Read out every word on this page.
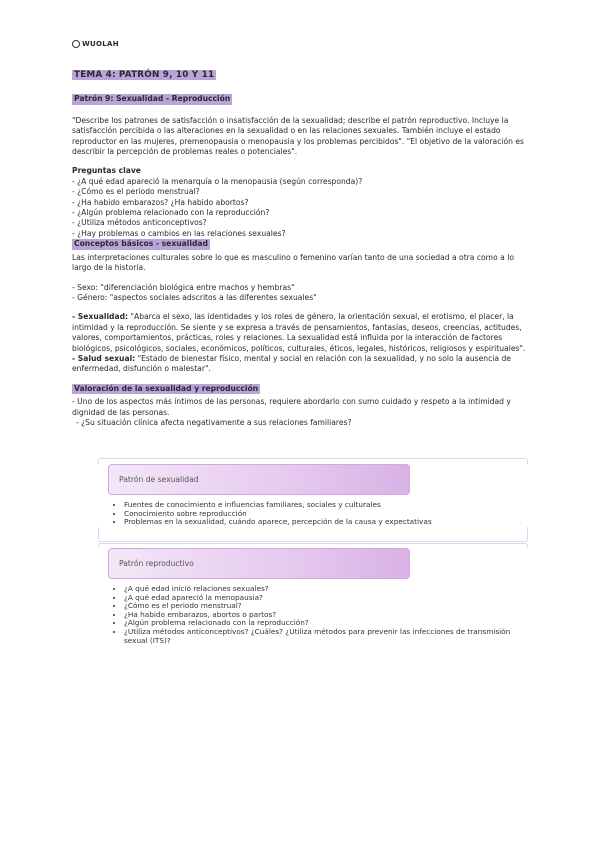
WUOLAH
TEMA 4: PATRÓN 9, 10 Y 11
Patrón 9: Sexualidad - Reproducción

"Describe los patrones de satisfacción o insatisfacción de la sexualidad; describe el patrón reproductivo. Incluye la satisfacción percibida o las alteraciones en la sexualidad o en las relaciones sexuales. También incluye el estado reproductor en las mujeres, premenopausia o menopausia y los problemas percibidos". "El objetivo de la valoración es describir la percepción de problemas reales o potenciales".

Preguntas clave

- ¿A qué edad apareció la menarquía o la menopausia (según corresponda)?
- ¿Cómo es el periodo menstrual?
- ¿Ha habido embarazos? ¿Ha habido abortos?
- ¿Algún problema relacionado con la reproducción?
- ¿Utiliza métodos anticonceptivos?
- ¿Hay problemas o cambios en las relaciones sexuales?
Conceptos básicos - sexualidad

Las interpretaciones culturales sobre lo que es masculino o femenino varían tanto de una sociedad a otra como a lo largo de la historia.

- Sexo: "diferenciación biológica entre machos y hembras"

- Género: "aspectos sociales adscritos a las diferentes sexuales"

- Sexualidad: "Abarca el sexo, las identidades y los roles de género, la orientación sexual, el erotismo, el placer, la intimidad y la reproducción. Se siente y se expresa a través de pensamientos, fantasías, deseos, creencias, actitudes, valores, comportamientos, prácticas, roles y relaciones. La sexualidad está influida por la interacción de factores biológicos, psicológicos, sociales, económicos, políticos, culturales, éticos, legales, históricos, religiosos y espirituales".

- Salud sexual: "Estado de bienestar físico, mental y social en relación con la sexualidad, y no solo la ausencia de enfermedad, disfunción o malestar".

Valoración de la sexualidad y reproducción

- Uno de los aspectos más íntimos de las personas, requiere abordarlo con sumo cuidado y respeto a la intimidad y dignidad de las personas.

- ¿Su situación clínica afecta negativamente a sus relaciones familiares?

Patrón de sexualidad
• Fuentes de conocimiento e influencias familiares, sociales y culturales
• Conocimiento sobre reproducción
• Problemas en la sexualidad, cuándo aparece, percepción de la causa y expectativas
Patrón reproductivo
• ¿A qué edad inició relaciones sexuales?
• ¿A qué edad apareció la menopausia?
• ¿Cómo es el periodo menstrual?
• ¿Ha habido embarazos, abortos o partos?
• ¿Algún problema relacionado con la reproducción?
• ¿Utiliza métodos anticonceptivos? ¿Cuáles? ¿Utiliza métodos para prevenir las infecciones de transmisión sexual (ITS)?
